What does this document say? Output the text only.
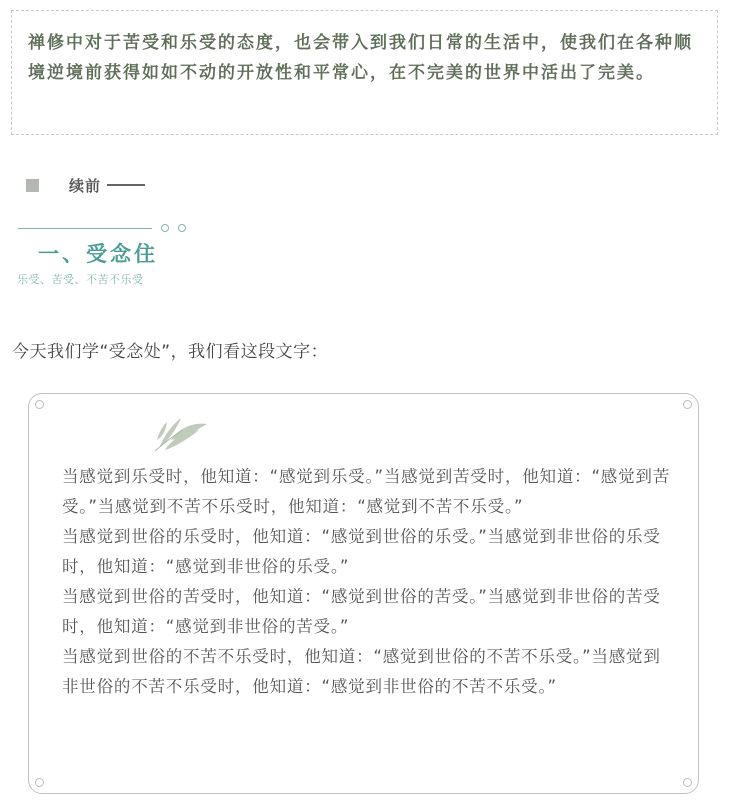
禅修中对于苦受和乐受的态度，也会带入到我们日常的生活中，使我们在各种顺境逆境前获得如如不动的开放性和平常心，在不完美的世界中活出了完美。

续前
一、受念住
乐受、苦受、不苦不乐受

今天我们学“受念处”，我们看这段文字：

当感觉到乐受时，他知道：“感觉到乐受。”当感觉到苦受时，他知道：“感觉到苦受。”当感觉到不苦不乐受时，他知道：“感觉到不苦不乐受。”

当感觉到世俗的乐受时，他知道：“感觉到世俗的乐受。”当感觉到非世俗的乐受时，他知道：“感觉到非世俗的乐受。”

当感觉到世俗的苦受时，他知道：“感觉到世俗的苦受。”当感觉到非世俗的苦受时，他知道：“感觉到非世俗的苦受。”

当感觉到世俗的不苦不乐受时，他知道：“感觉到世俗的不苦不乐受。”当感觉到非世俗的不苦不乐受时，他知道：“感觉到非世俗的不苦不乐受。”
